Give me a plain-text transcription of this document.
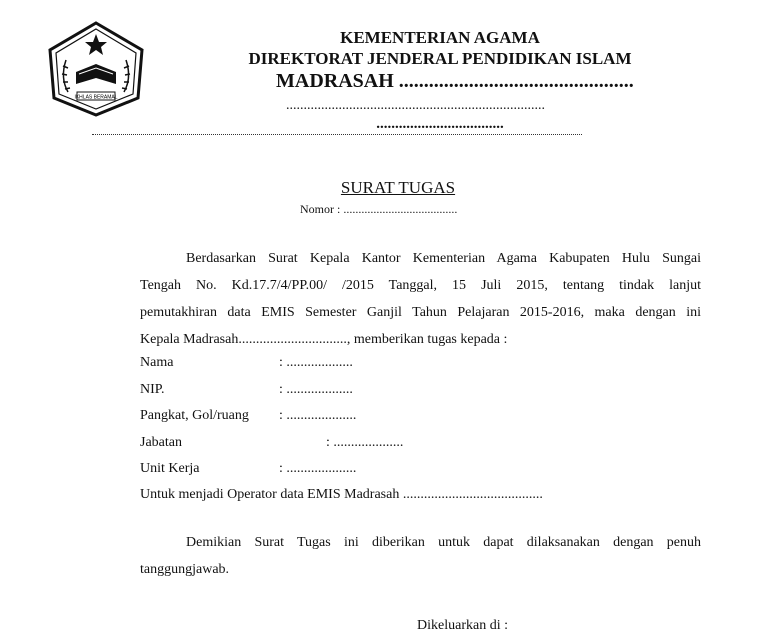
IKHLAS BERAMAL
KEMENTERIAN AGAMA
DIREKTORAT JENDERAL PENDIDIKAN ISLAM
MADRASAH ...............................................
..........................................................................
..................................
SURAT TUGAS
Nomor : ......................................
Berdasarkan Surat Kepala Kantor Kementerian Agama Kabupaten Hulu Sungai
Tengah No. Kd.17.7/4/PP.00/ /2015 Tanggal, 15 Juli 2015, tentang tindak lanjut
pemutakhiran data EMIS Semester Ganjil Tahun Pelajaran 2015-2016, maka dengan ini
Kepala Madrasah..............................., memberikan tugas kepada :
Nama	: ...................
NIP.	: ...................
Pangkat, Gol/ruang : ....................
Jabatan	: ....................
Unit Kerja	: ....................
Untuk menjadi Operator data EMIS Madrasah ........................................
Demikian Surat Tugas ini diberikan untuk dapat dilaksanakan dengan penuh
tanggungjawab.
Dikeluarkan di :
